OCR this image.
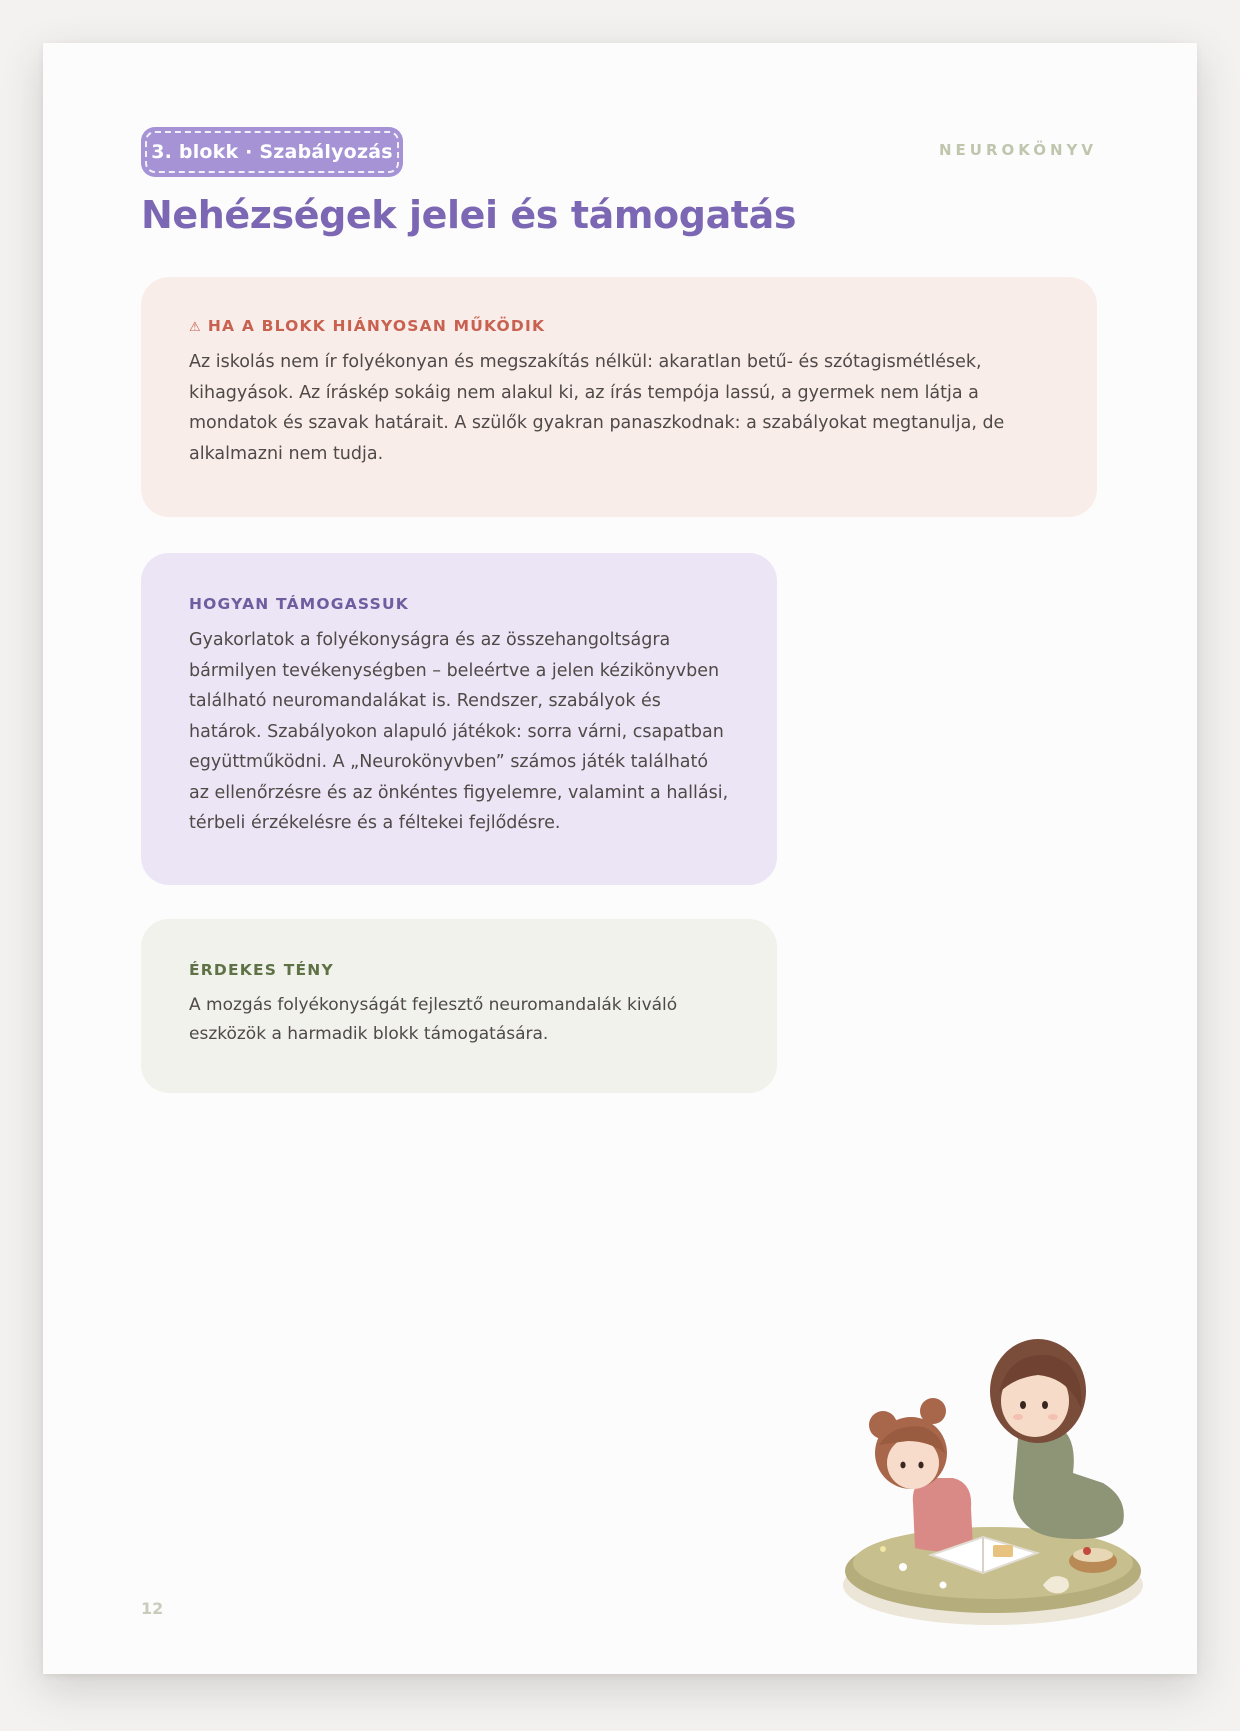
3. blokk · Szabályozás	NEUROKÖNYV
Nehézségek jelei és támogatás

⚠ HA A BLOKK HIÁNYOSAN MŰKÖDIK

Az iskolás nem ír folyékonyan és megszakítás nélkül: akaratlan betű- és szótagismétlések, kihagyások. Az íráskép sokáig nem alakul ki, az írás tempója lassú, a gyermek nem látja a mondatok és szavak határait. A szülők gyakran panaszkodnak: a szabályokat megtanulja, de alkalmazni nem tudja.

HOGYAN TÁMOGASSUK

Gyakorlatok a folyékonyságra és az összehangoltságra bármilyen tevékenységben – beleértve a jelen kézikönyvben található neuromandalákat is. Rendszer, szabályok és határok. Szabályokon alapuló játékok: sorra várni, csapatban együttműködni. A „Neurokönyvben” számos játék található az ellenőrzésre és az önkéntes figyelemre, valamint a hallási, térbeli érzékelésre és a féltekei fejlődésre.

ÉRDEKES TÉNY

A mozgás folyékonyságát fejlesztő neuromandalák kiváló eszközök a harmadik blokk támogatására.

12
